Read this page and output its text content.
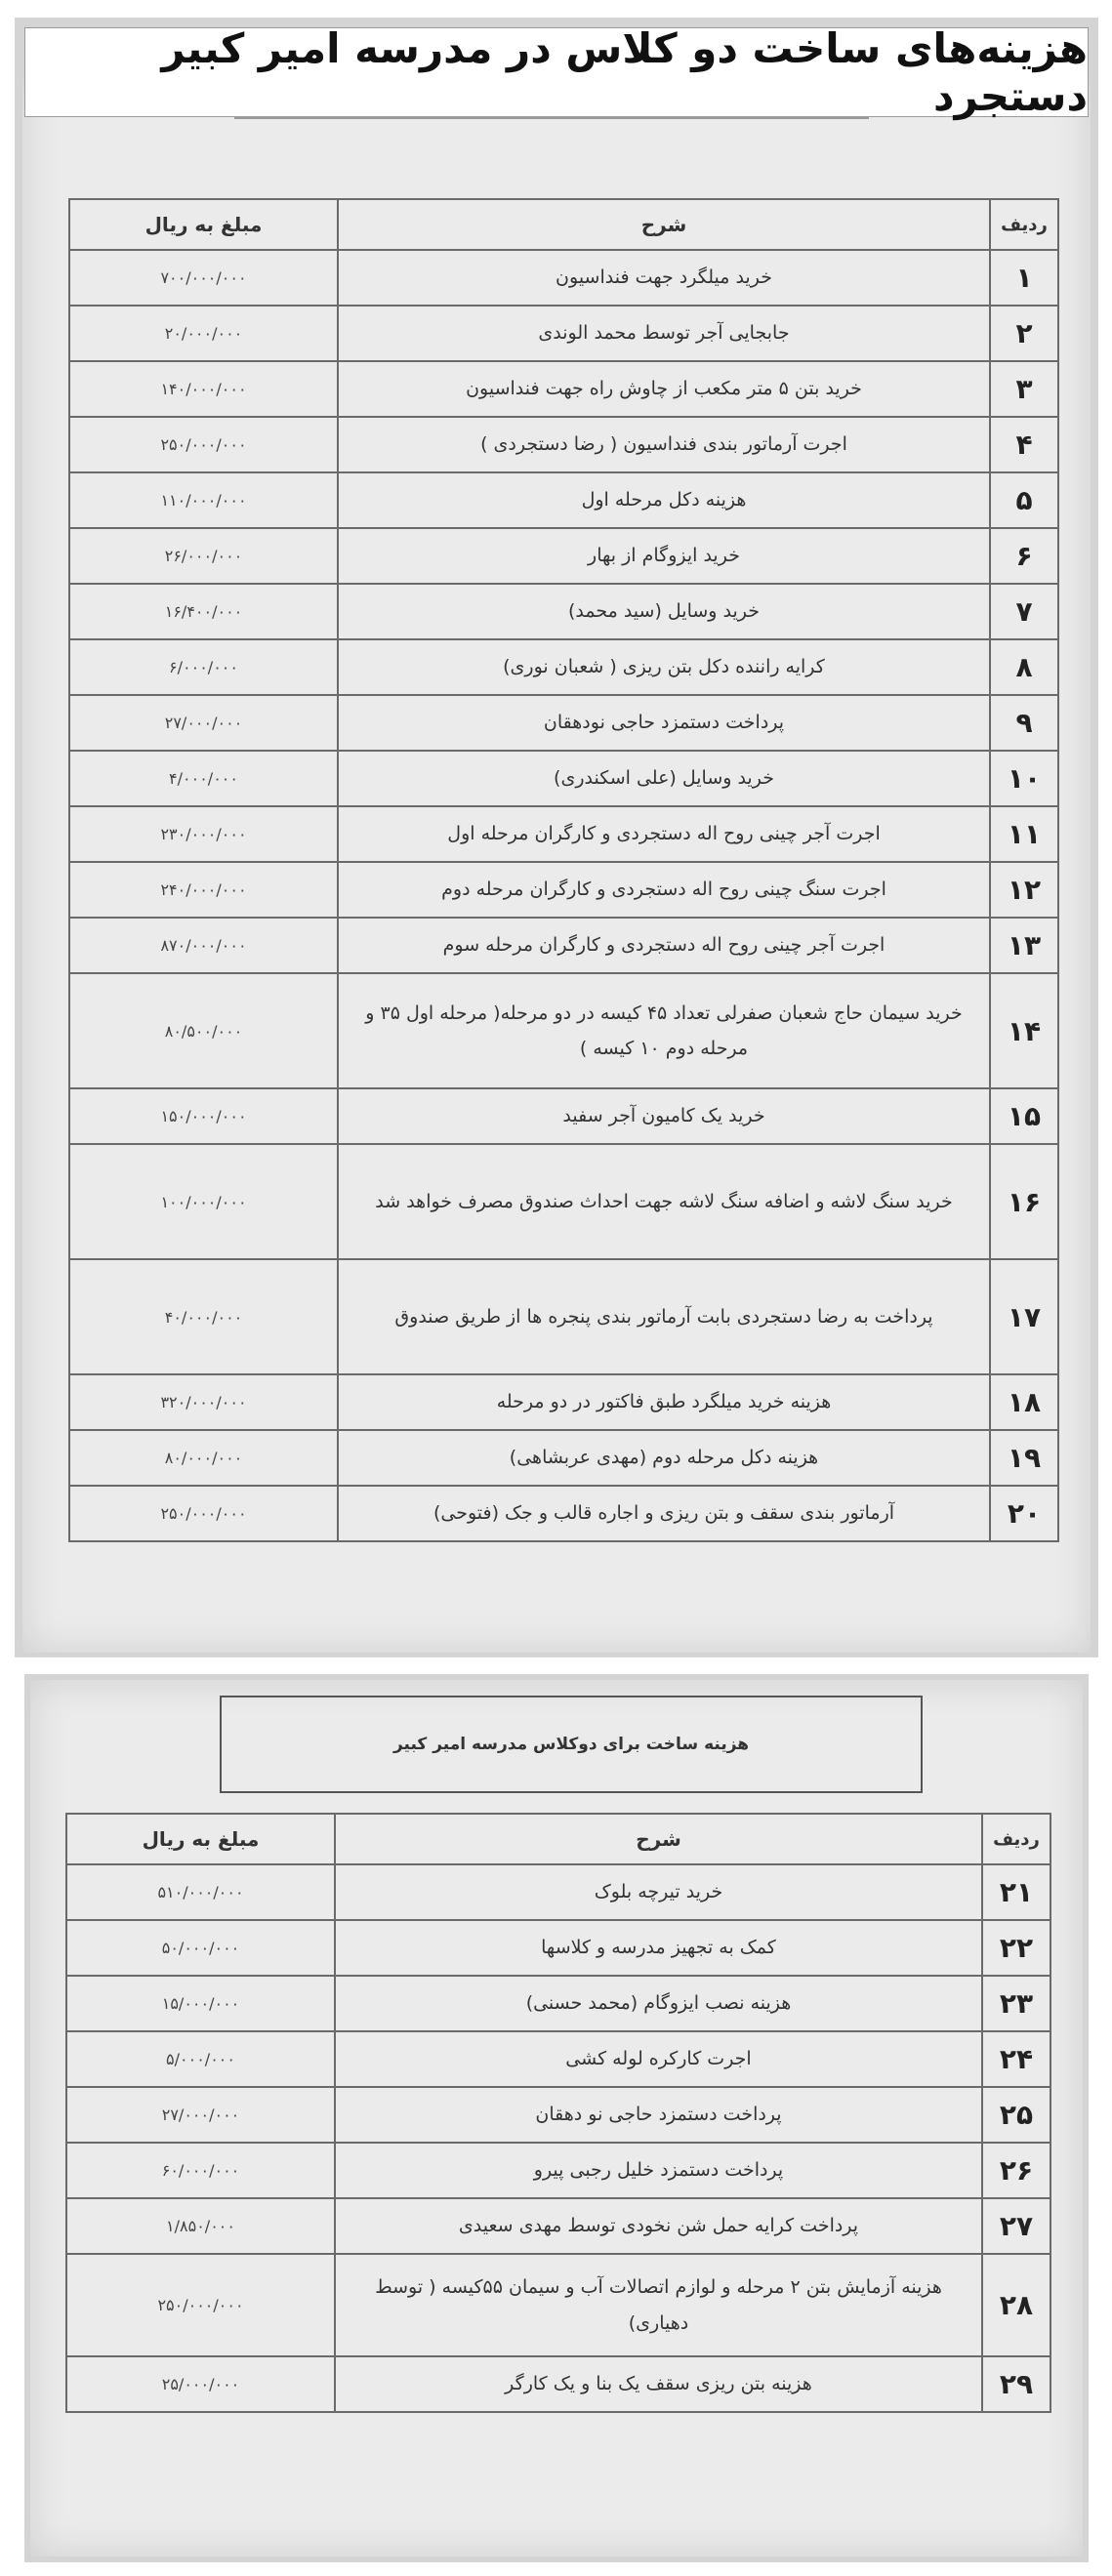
هزینه‌های ساخت دو کلاس در مدرسه امیر کبیر دستجرد
ردیف	شرح	مبلغ به ریال
۱	خرید میلگرد جهت فنداسیون	۷۰۰/۰۰۰/۰۰۰
۲	جابجایی آجر توسط محمد الوندی	۲۰/۰۰۰/۰۰۰
۳	خرید بتن ۵ متر مکعب از چاوش راه جهت فنداسیون	۱۴۰/۰۰۰/۰۰۰
۴	اجرت آرماتور بندی فنداسیون ( رضا دستجردی )	۲۵۰/۰۰۰/۰۰۰
۵	هزینه دکل مرحله اول	۱۱۰/۰۰۰/۰۰۰
۶	خرید ایزوگام از بهار	۲۶/۰۰۰/۰۰۰
۷	خرید وسایل (سید محمد)	۱۶/۴۰۰/۰۰۰
۸	کرایه راننده دکل بتن ریزی ( شعبان نوری)	۶/۰۰۰/۰۰۰
۹	پرداخت دستمزد حاجی نودهقان	۲۷/۰۰۰/۰۰۰
۱۰	خرید وسایل (علی اسکندری)	۴/۰۰۰/۰۰۰
۱۱	اجرت آجر چینی روح اله دستجردی و کارگران مرحله اول	۲۳۰/۰۰۰/۰۰۰
۱۲	اجرت سنگ چینی روح اله دستجردی و کارگران مرحله دوم	۲۴۰/۰۰۰/۰۰۰
۱۳	اجرت آجر چینی روح اله دستجردی و کارگران مرحله سوم	۸۷۰/۰۰۰/۰۰۰
۱۴	خرید سیمان حاج شعبان صفرلی تعداد ۴۵ کیسه در دو مرحله( مرحله اول ۳۵ و مرحله دوم ۱۰ کیسه )	۸۰/۵۰۰/۰۰۰
۱۵	خرید یک کامیون آجر سفید	۱۵۰/۰۰۰/۰۰۰
۱۶	خرید سنگ لاشه و اضافه سنگ لاشه جهت احداث صندوق مصرف خواهد شد	۱۰۰/۰۰۰/۰۰۰
۱۷	پرداخت به رضا دستجردی بابت آرماتور بندی پنجره ها از طریق صندوق	۴۰/۰۰۰/۰۰۰
۱۸	هزینه خرید میلگرد طبق فاکتور در دو مرحله	۳۲۰/۰۰۰/۰۰۰
۱۹	هزینه دکل مرحله دوم (مهدی عربشاهی)	۸۰/۰۰۰/۰۰۰
۲۰	آرماتور بندی سقف و بتن ریزی و اجاره قالب و جک (فتوحی)	۲۵۰/۰۰۰/۰۰۰
هزینه ساخت برای دوکلاس مدرسه امیر کبیر
ردیف	شرح	مبلغ به ریال
۲۱	خرید تیرچه بلوک	۵۱۰/۰۰۰/۰۰۰
۲۲	کمک به تجهیز مدرسه و کلاسها	۵۰/۰۰۰/۰۰۰
۲۳	هزینه نصب ایزوگام (محمد حسنی)	۱۵/۰۰۰/۰۰۰
۲۴	اجرت کارکره لوله کشی	۵/۰۰۰/۰۰۰
۲۵	پرداخت دستمزد حاجی نو دهقان	۲۷/۰۰۰/۰۰۰
۲۶	پرداخت دستمزد خلیل رجبی پیرو	۶۰/۰۰۰/۰۰۰
۲۷	پرداخت کرایه حمل شن نخودی توسط مهدی سعیدی	۱/۸۵۰/۰۰۰
۲۸	هزینه آزمایش بتن ۲ مرحله و لوازم اتصالات آب و سیمان ۵۵کیسه ( توسط دهیاری)	۲۵۰/۰۰۰/۰۰۰
۲۹	هزینه بتن ریزی سقف یک بنا و یک کارگر	۲۵/۰۰۰/۰۰۰
